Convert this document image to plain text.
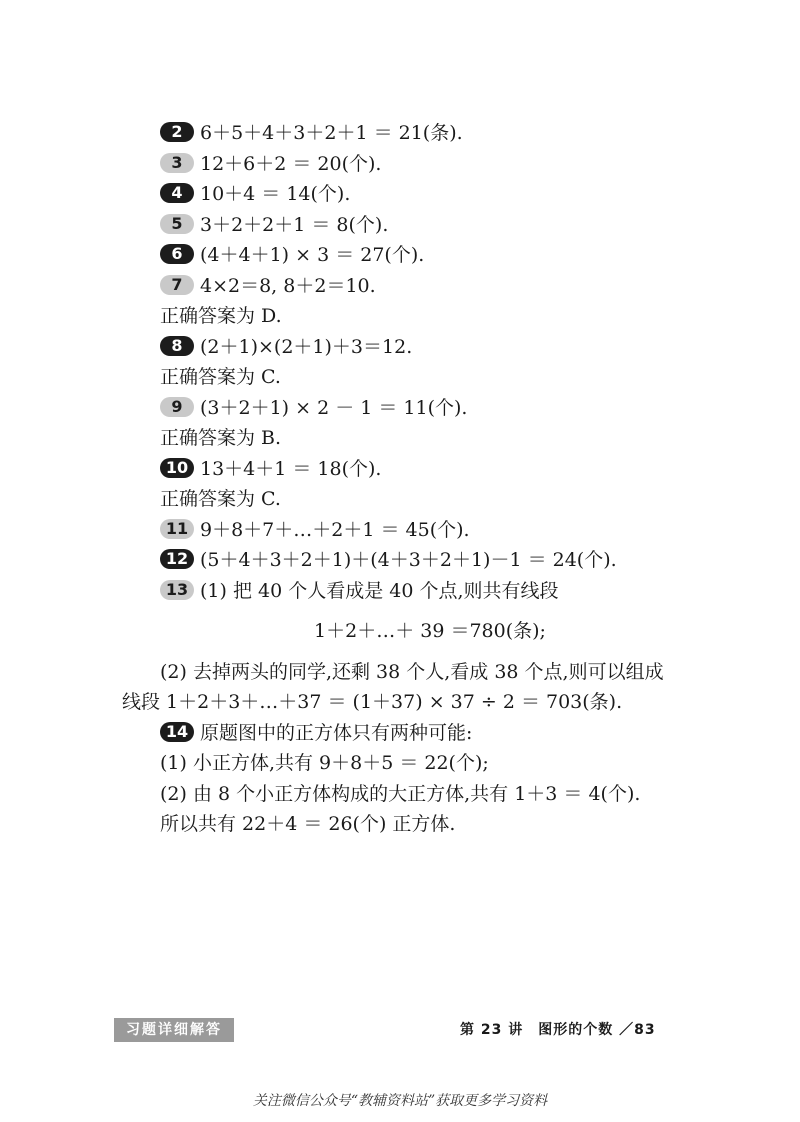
2 6＋5＋4＋3＋2＋1 ＝ 21(条).
3 12＋6＋2 ＝ 20(个).
4 10＋4 ＝ 14(个).
5 3＋2＋2＋1 ＝ 8(个).
6 (4＋4＋1) × 3 ＝ 27(个).
7 4×2＝8, 8＋2＝10.
正确答案为 D.
8 (2＋1)×(2＋1)＋3＝12.
正确答案为 C.
9 (3＋2＋1) × 2 － 1 ＝ 11(个).
正确答案为 B.
10 13＋4＋1 ＝ 18(个).
正确答案为 C.
11 9＋8＋7＋…＋2＋1 ＝ 45(个).
12 (5＋4＋3＋2＋1)＋(4＋3＋2＋1)－1 ＝ 24(个).
13 (1) 把 40 个人看成是 40 个点,则共有线段
1＋2＋…＋ 39 ＝780(条);
(2) 去掉两头的同学,还剩 38 个人,看成 38 个点,则可以组成
线段 1＋2＋3＋…＋37 ＝ (1＋37) × 37 ÷ 2 ＝ 703(条).
14 原题图中的正方体只有两种可能:
(1) 小正方体,共有 9＋8＋5 ＝ 22(个);
(2) 由 8 个小正方体构成的大正方体,共有 1＋3 ＝ 4(个).
所以共有 22＋4 ＝ 26(个) 正方体.
习题详细解答	第 23 讲　图形的个数 ／83
关注微信公众号“教辅资料站”获取更多学习资料
